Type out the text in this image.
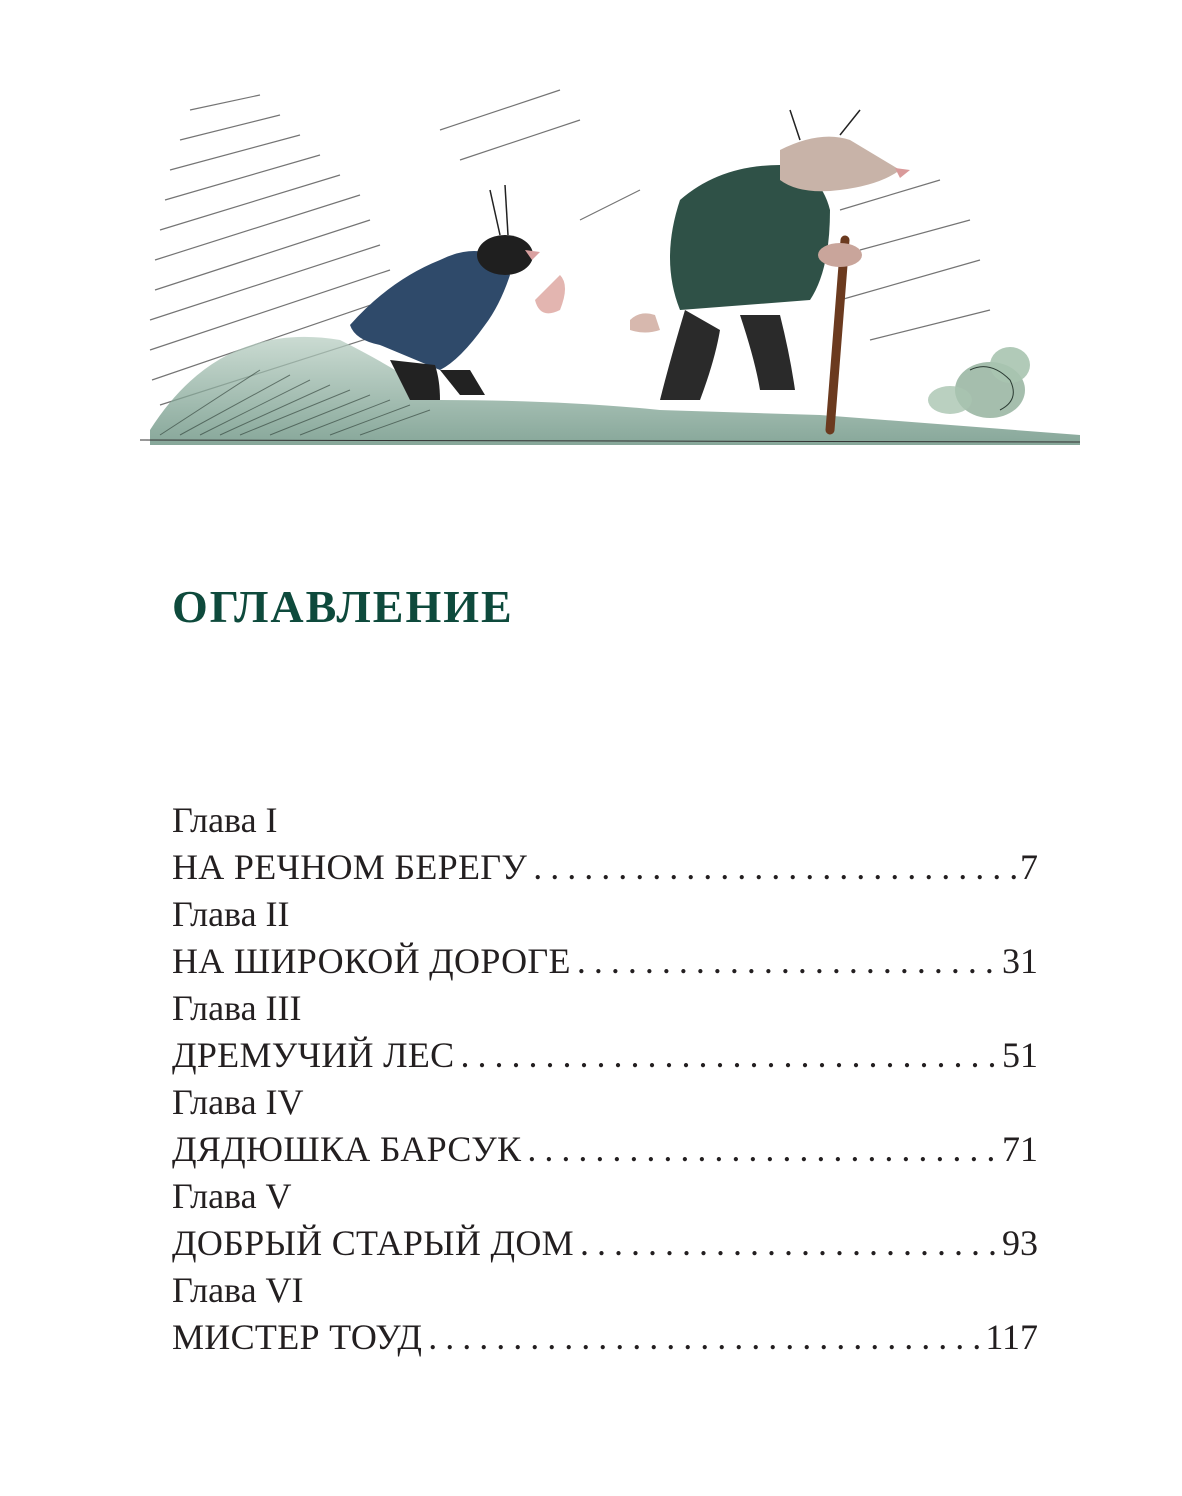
ОГЛАВЛЕНИЕ
Глава I
НА РЕЧНОМ БЕРЕГУ . . .	7
Глава II
НА ШИРОКОЙ ДОРОГЕ . . .	31
Глава III
ДРЕМУЧИЙ ЛЕС . . .	51
Глава IV
ДЯДЮШКА БАРСУК . . .	71
Глава V
ДОБРЫЙ СТАРЫЙ ДОМ . . .	93
Глава VI
МИСТЕР ТОУД . . .	117
